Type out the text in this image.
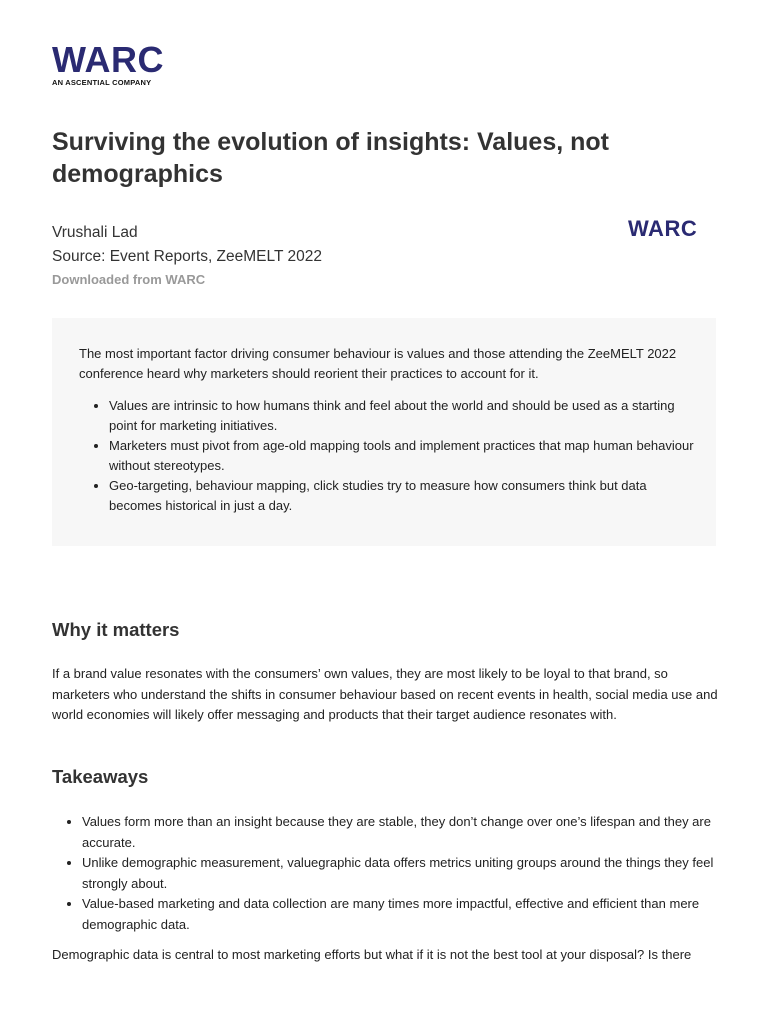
WARC
AN ASCENTIAL COMPANY
Surviving the evolution of insights: Values, not demographics
Vrushali Lad
Source: Event Reports, ZeeMELT 2022
Downloaded from WARC
WARC

The most important factor driving consumer behaviour is values and those attending the ZeeMELT 2022 conference heard why marketers should reorient their practices to account for it.

• Values are intrinsic to how humans think and feel about the world and should be used as a starting point for marketing initiatives.
• Marketers must pivot from age-old mapping tools and implement practices that map human behaviour without stereotypes.
• Geo-targeting, behaviour mapping, click studies try to measure how consumers think but data becomes historical in just a day.
Why it matters

If a brand value resonates with the consumers’ own values, they are most likely to be loyal to that brand, so marketers who understand the shifts in consumer behaviour based on recent events in health, social media use and world economies will likely offer messaging and products that their target audience resonates with.

Takeaways
• Values form more than an insight because they are stable, they don’t change over one’s lifespan and they are accurate.
• Unlike demographic measurement, valuegraphic data offers metrics uniting groups around the things they feel strongly about.
• Value-based marketing and data collection are many times more impactful, effective and efficient than mere demographic data.

Demographic data is central to most marketing efforts but what if it is not the best tool at your disposal? Is there
